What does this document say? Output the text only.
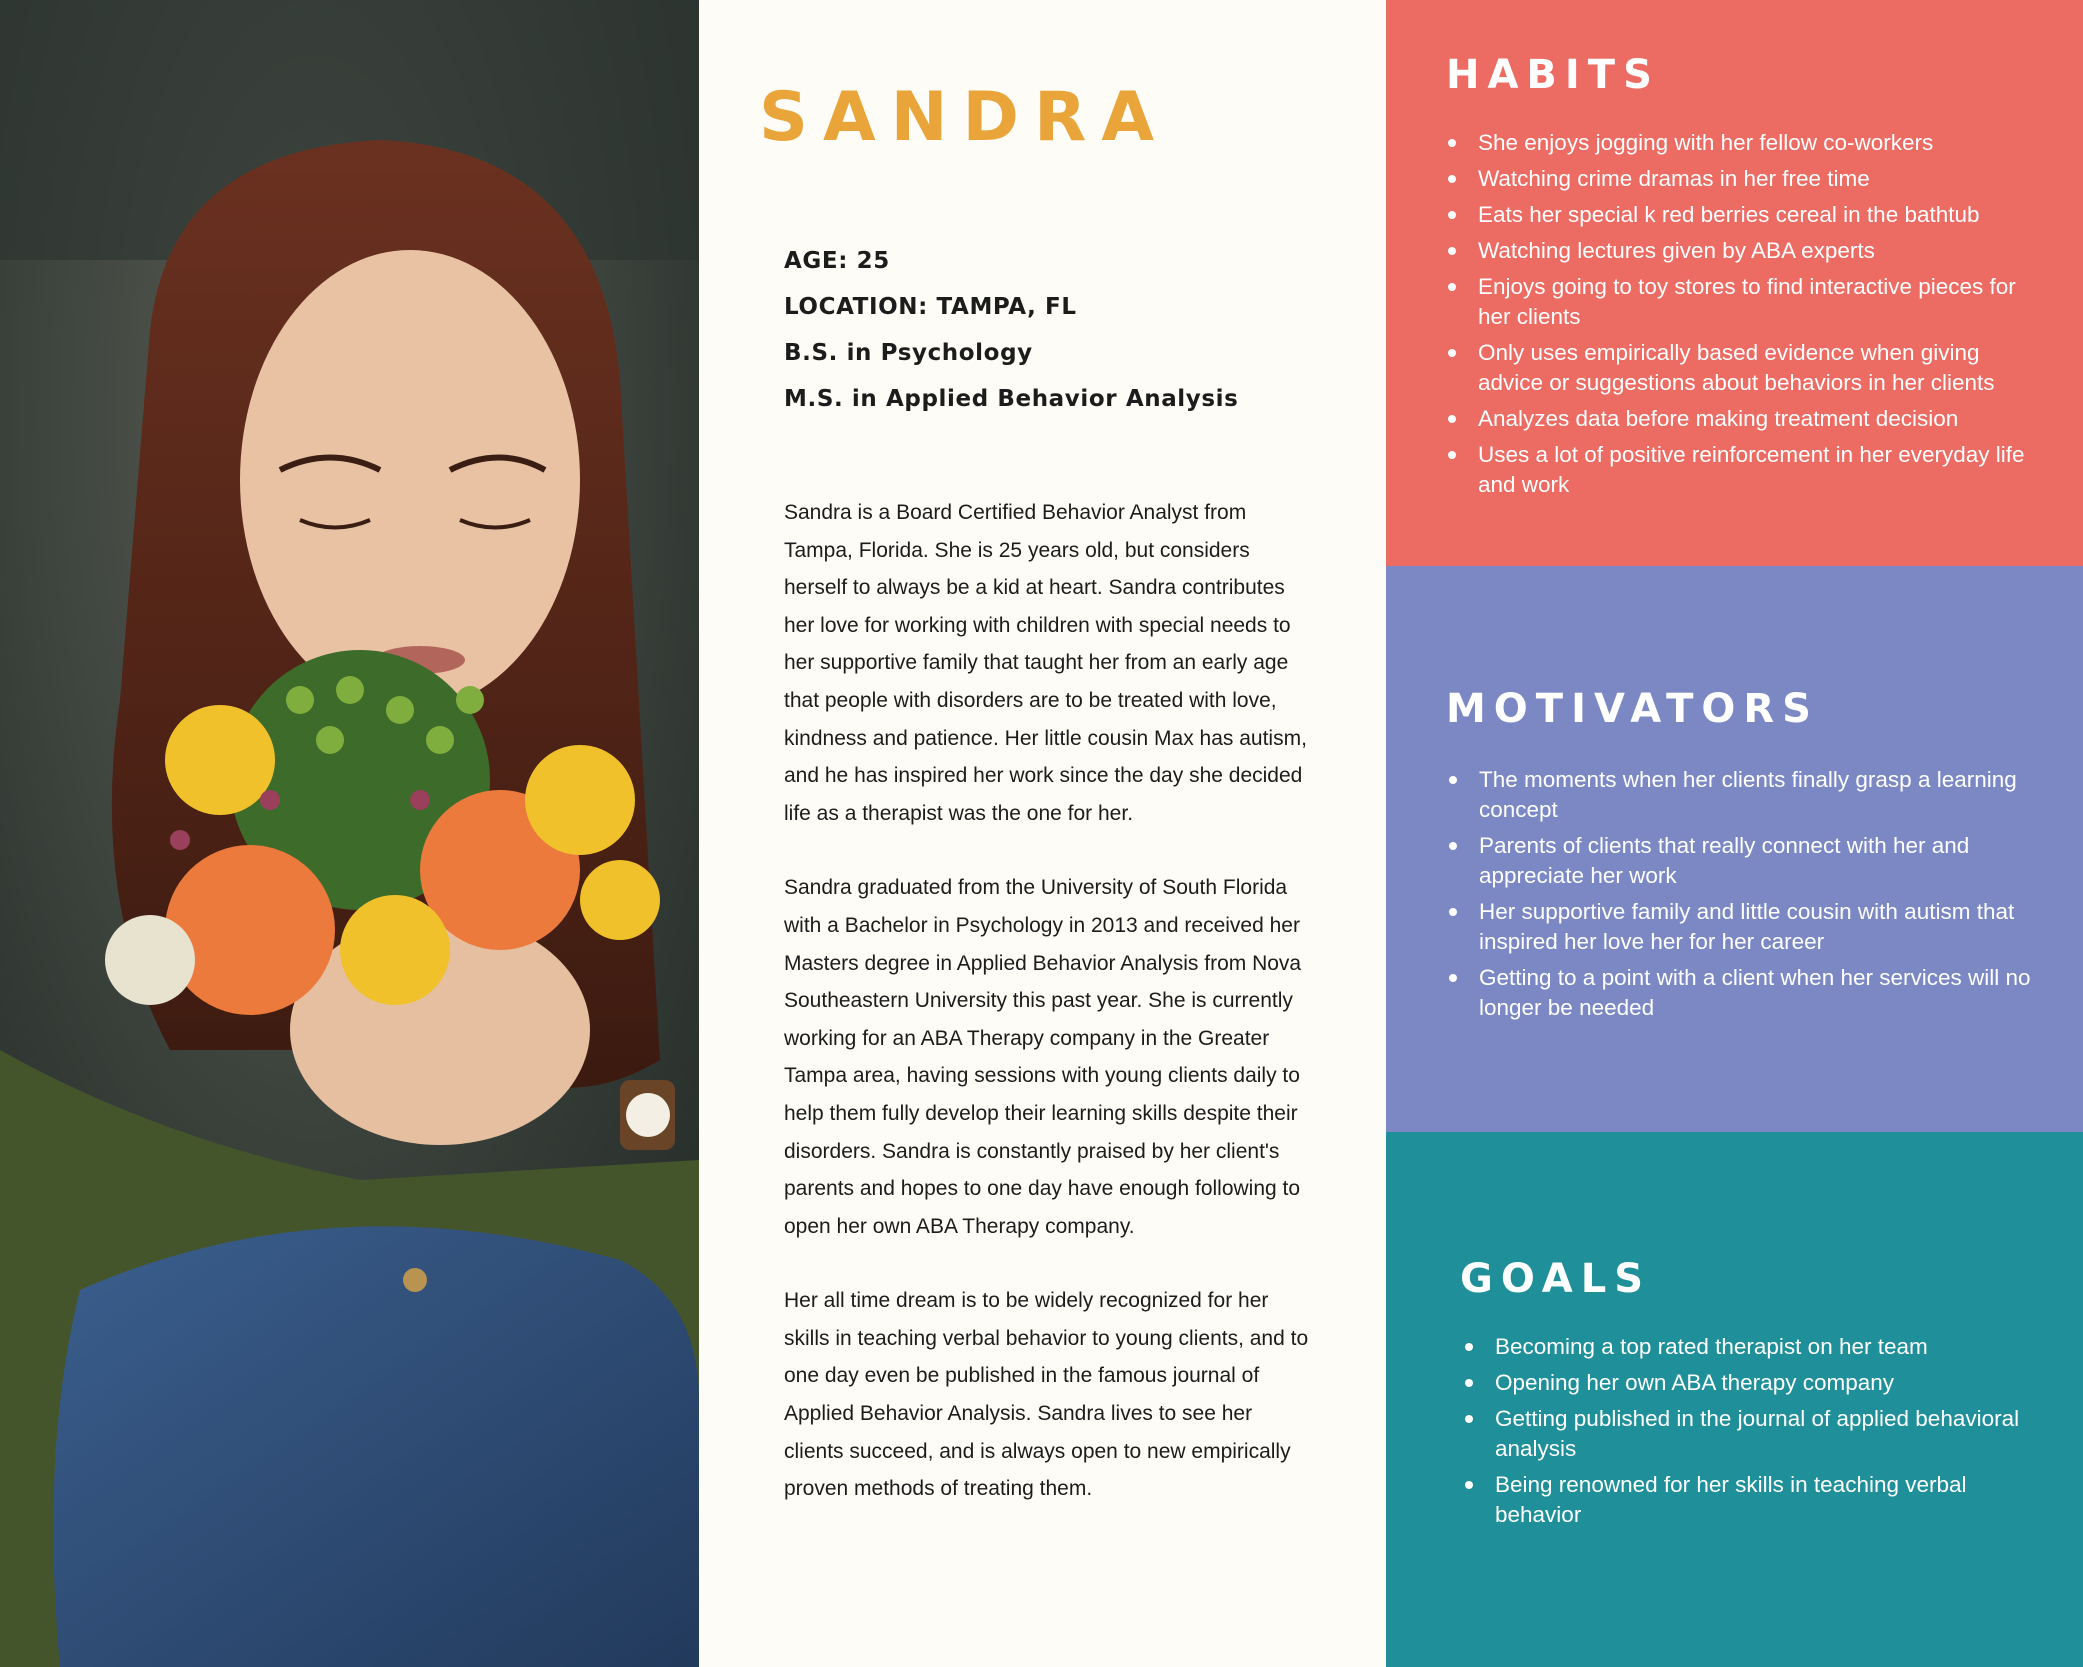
SANDRA
AGE: 25
LOCATION: TAMPA, FL
B.S. in Psychology
M.S. in Applied Behavior Analysis

Sandra is a Board Certified Behavior Analyst from Tampa, Florida. She is 25 years old, but considers herself to always be a kid at heart. Sandra contributes her love for working with children with special needs to her supportive family that taught her from an early age that people with disorders are to be treated with love, kindness and patience. Her little cousin Max has autism, and he has inspired her work since the day she decided life as a therapist was the one for her.

Sandra graduated from the University of South Florida with a Bachelor in Psychology in 2013 and received her Masters degree in Applied Behavior Analysis from Nova Southeastern University this past year. She is currently working for an ABA Therapy company in the Greater Tampa area, having sessions with young clients daily to help them fully develop their learning skills despite their disorders. Sandra is constantly praised by her client's parents and hopes to one day have enough following to open her own ABA Therapy company.

Her all time dream is to be widely recognized for her skills in teaching verbal behavior to young clients, and to one day even be published in the famous journal of Applied Behavior Analysis. Sandra lives to see her clients succeed, and is always open to new empirically proven methods of treating them.

HABITS
She enjoys jogging with her fellow co-workers
Watching crime dramas in her free time
Eats her special k red berries cereal in the bathtub
Watching lectures given by ABA experts
Enjoys going to toy stores to find interactive pieces for her clients
Only uses empirically based evidence when giving advice or suggestions about behaviors in her clients
Analyzes data before making treatment decision
Uses a lot of positive reinforcement in her everyday life and work
MOTIVATORS
The moments when her clients finally grasp a learning concept
Parents of clients that really connect with her and appreciate her work
Her supportive family and little cousin with autism that inspired her love her for her career
Getting to a point with a client when her services will no longer be needed
GOALS
Becoming a top rated therapist on her team
Opening her own ABA therapy company
Getting published in the journal of applied behavioral analysis
Being renowned for her skills in teaching verbal behavior
